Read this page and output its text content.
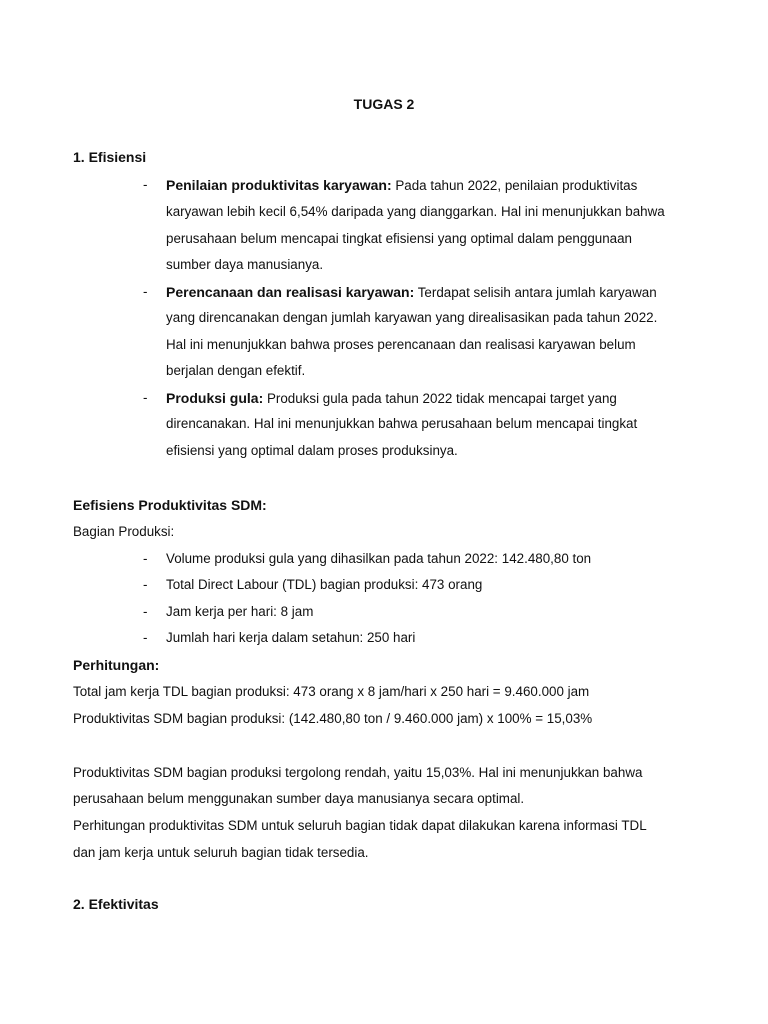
TUGAS 2
1. Efisiensi
- Penilaian produktivitas karyawan: Pada tahun 2022, penilaian produktivitas
karyawan lebih kecil 6,54% daripada yang dianggarkan. Hal ini menunjukkan bahwa
perusahaan belum mencapai tingkat efisiensi yang optimal dalam penggunaan
sumber daya manusianya.
- Perencanaan dan realisasi karyawan: Terdapat selisih antara jumlah karyawan
yang direncanakan dengan jumlah karyawan yang direalisasikan pada tahun 2022.
Hal ini menunjukkan bahwa proses perencanaan dan realisasi karyawan belum
berjalan dengan efektif.
- Produksi gula: Produksi gula pada tahun 2022 tidak mencapai target yang
direncanakan. Hal ini menunjukkan bahwa perusahaan belum mencapai tingkat
efisiensi yang optimal dalam proses produksinya.
Eefisiens Produktivitas SDM:
Bagian Produksi:
- Volume produksi gula yang dihasilkan pada tahun 2022: 142.480,80 ton
- Total Direct Labour (TDL) bagian produksi: 473 orang
- Jam kerja per hari: 8 jam
- Jumlah hari kerja dalam setahun: 250 hari
Perhitungan:
Total jam kerja TDL bagian produksi: 473 orang x 8 jam/hari x 250 hari = 9.460.000 jam
Produktivitas SDM bagian produksi: (142.480,80 ton / 9.460.000 jam) x 100% = 15,03%
Produktivitas SDM bagian produksi tergolong rendah, yaitu 15,03%. Hal ini menunjukkan bahwa
perusahaan belum menggunakan sumber daya manusianya secara optimal.
Perhitungan produktivitas SDM untuk seluruh bagian tidak dapat dilakukan karena informasi TDL
dan jam kerja untuk seluruh bagian tidak tersedia.
2. Efektivitas
